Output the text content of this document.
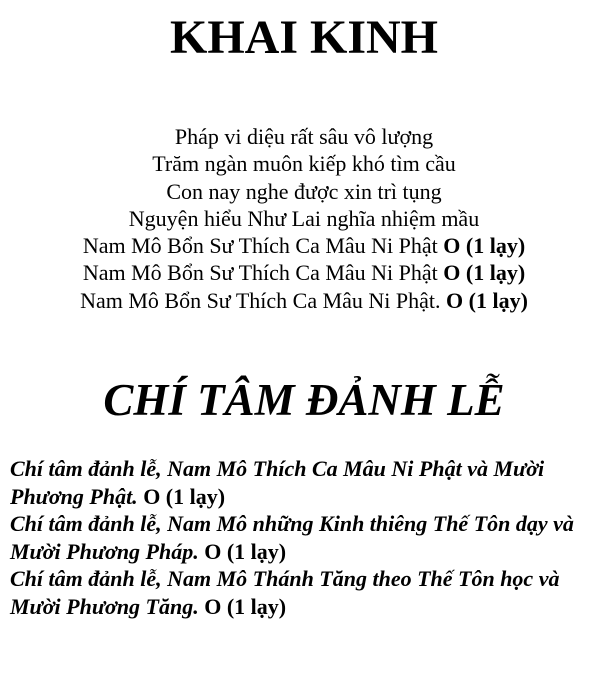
KHAI KINH
Pháp vi diệu rất sâu vô lượng
Trăm ngàn muôn kiếp khó tìm cầu
Con nay nghe được xin trì tụng
Nguyện hiểu Như Lai nghĩa nhiệm mầu
Nam Mô Bổn Sư Thích Ca Mâu Ni Phật O (1 lạy)
Nam Mô Bổn Sư Thích Ca Mâu Ni Phật O (1 lạy)
Nam Mô Bổn Sư Thích Ca Mâu Ni Phật. O (1 lạy)
CHÍ TÂM ĐẢNH LỄ
Chí tâm đảnh lễ, Nam Mô Thích Ca Mâu Ni Phật và Mười Phương Phật. O (1 lạy)
Chí tâm đảnh lễ, Nam Mô những Kinh thiêng Thế Tôn dạy và Mười Phương Pháp. O (1 lạy)
Chí tâm đảnh lễ, Nam Mô Thánh Tăng theo Thế Tôn học và Mười Phương Tăng. O (1 lạy)
